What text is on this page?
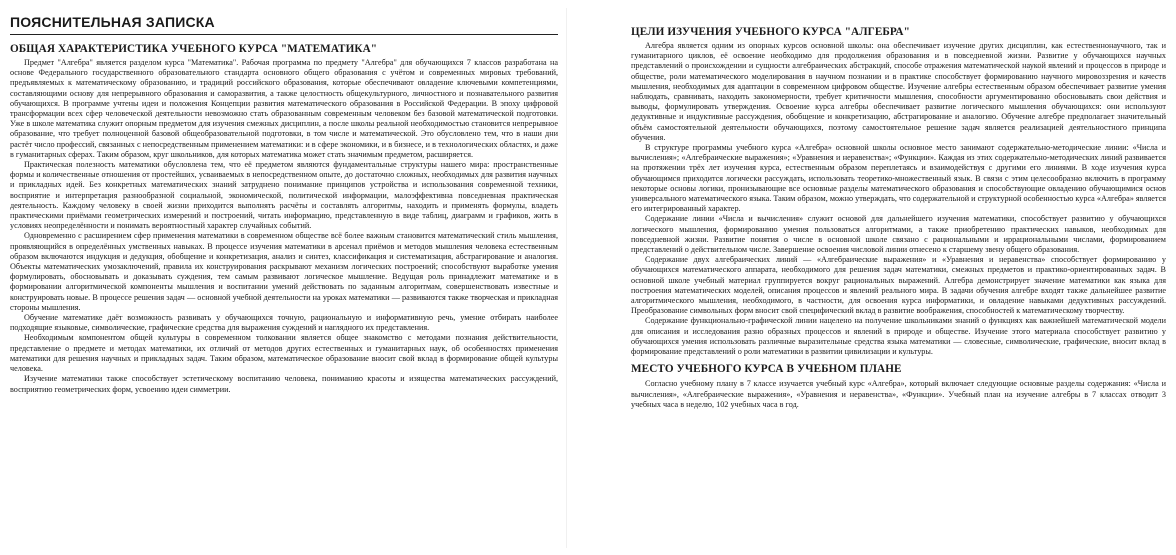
ПОЯСНИТЕЛЬНАЯ ЗАПИСКА
ОБЩАЯ ХАРАКТЕРИСТИКА УЧЕБНОГО КУРСА "МАТЕМАТИКА"

Предмет "Алгебра" является разделом курса "Математика". Рабочая программа по предмету "Алгебра" для обучающихся 7 классов разработана на основе Федерального государственного образовательного стандарта основного общего образования с учётом и современных мировых требований, предъявляемых к математическому образованию, и традиций российского образования, которые обеспечивают овладение ключевыми компетенциями, составляющими основу для непрерывного образования и саморазвития, а также целостность общекультурного, личностного и познавательного развития обучающихся. В программе учтены идеи и положения Концепции развития математического образования в Российской Федерации. В эпоху цифровой трансформации всех сфер человеческой деятельности невозможно стать образованным современным человеком без базовой математической подготовки. Уже в школе математика служит опорным предметом для изучения смежных дисциплин, а после школы реальной необходимостью становится непрерывное образование, что требует полноценной базовой общеобразовательной подготовки, в том числе и математической. Это обусловлено тем, что в наши дни растёт число профессий, связанных с непосредственным применением математики: и в сфере экономики, и в бизнесе, и в технологических областях, и даже в гуманитарных сферах. Таким образом, круг школьников, для которых математика может стать значимым предметом, расширяется.

Практическая полезность математики обусловлена тем, что её предметом являются фундаментальные структуры нашего мира: пространственные формы и количественные отношения от простейших, усваиваемых в непосредственном опыте, до достаточно сложных, необходимых для развития научных и прикладных идей. Без конкретных математических знаний затруднено понимание принципов устройства и использования современной техники, восприятие и интерпретация разнообразной социальной, экономической, политической информации, малоэффективна повседневная практическая деятельность. Каждому человеку в своей жизни приходится выполнять расчёты и составлять алгоритмы, находить и применять формулы, владеть практическими приёмами геометрических измерений и построений, читать информацию, представленную в виде таблиц, диаграмм и графиков, жить в условиях неопределённости и понимать вероятностный характер случайных событий.

Одновременно с расширением сфер применения математики в современном обществе всё более важным становится математический стиль мышления, проявляющийся в определённых умственных навыках. В процессе изучения математики в арсенал приёмов и методов мышления человека естественным образом включаются индукция и дедукция, обобщение и конкретизация, анализ и синтез, классификация и систематизация, абстрагирование и аналогия. Объекты математических умозаключений, правила их конструирования раскрывают механизм логических построений; способствуют выработке умения формулировать, обосновывать и доказывать суждения, тем самым развивают логическое мышление. Ведущая роль принадлежит математике и в формировании алгоритмической компоненты мышления и воспитании умений действовать по заданным алгоритмам, совершенствовать известные и конструировать новые. В процессе решения задач — основной учебной деятельности на уроках математики — развиваются также творческая и прикладная стороны мышления.

Обучение математике даёт возможность развивать у обучающихся точную, рациональную и информативную речь, умение отбирать наиболее подходящие языковые, символические, графические средства для выражения суждений и наглядного их представления.

Необходимым компонентом общей культуры в современном толковании является общее знакомство с методами познания действительности, представление о предмете и методах математики, их отличий от методов других естественных и гуманитарных наук, об особенностях применения математики для решения научных и прикладных задач. Таким образом, математическое образование вносит свой вклад в формирование общей культуры человека.

Изучение математики также способствует эстетическому воспитанию человека, пониманию красоты и изящества математических рассуждений, восприятию геометрических форм, усвоению идеи симметрии.

ЦЕЛИ ИЗУЧЕНИЯ УЧЕБНОГО КУРСА "АЛГЕБРА"

Алгебра является одним из опорных курсов основной школы: она обеспечивает изучение других дисциплин, как естественнонаучного, так и гуманитарного циклов, её освоение необходимо для продолжения образования и в повседневной жизни. Развитие у обучающихся научных представлений о происхождении и сущности алгебраических абстракций, способе отражения математической наукой явлений и процессов в природе и обществе, роли математического моделирования в научном познании и в практике способствует формированию научного мировоззрения и качеств мышления, необходимых для адаптации в современном цифровом обществе. Изучение алгебры естественным образом обеспечивает развитие умения наблюдать, сравнивать, находить закономерности, требует критичности мышления, способности аргументированно обосновывать свои действия и выводы, формулировать утверждения. Освоение курса алгебры обеспечивает развитие логического мышления обучающихся: они используют дедуктивные и индуктивные рассуждения, обобщение и конкретизацию, абстрагирование и аналогию. Обучение алгебре предполагает значительный объём самостоятельной деятельности обучающихся, поэтому самостоятельное решение задач является реализацией деятельностного принципа обучения.

В структуре программы учебного курса «Алгебра» основной школы основное место занимают содержательно-методические линии: «Числа и вычисления»; «Алгебраические выражения»; «Уравнения и неравенства»; «Функции». Каждая из этих содержательно-методических линий развивается на протяжении трёх лет изучения курса, естественным образом переплетаясь и взаимодействуя с другими его линиями. В ходе изучения курса обучающимся приходится логически рассуждать, использовать теоретико-множественный язык. В связи с этим целесообразно включить в программу некоторые основы логики, пронизывающие все основные разделы математического образования и способствующие овладению обучающимися основ универсального математического языка. Таким образом, можно утверждать, что содержательной и структурной особенностью курса «Алгебра» является его интегрированный характер.

Содержание линии «Числа и вычисления» служит основой для дальнейшего изучения математики, способствует развитию у обучающихся логического мышления, формированию умения пользоваться алгоритмами, а также приобретению практических навыков, необходимых для повседневной жизни. Развитие понятия о числе в основной школе связано с рациональными и иррациональными числами, формированием представлений о действительном числе. Завершение освоения числовой линии отнесено к старшему звену общего образования.

Содержание двух алгебраических линий — «Алгебраические выражения» и «Уравнения и неравенства» способствует формированию у обучающихся математического аппарата, необходимого для решения задач математики, смежных предметов и практико-ориентированных задач. В основной школе учебный материал группируется вокруг рациональных выражений. Алгебра демонстрирует значение математики как языка для построения математических моделей, описания процессов и явлений реального мира. В задачи обучения алгебре входят также дальнейшее развитие алгоритмического мышления, необходимого, в частности, для освоения курса информатики, и овладение навыками дедуктивных рассуждений. Преобразование символьных форм вносит свой специфический вклад в развитие воображения, способностей к математическому творчеству.

Содержание функционально-графической линии нацелено на получение школьниками знаний о функциях как важнейшей математической модели для описания и исследования разно образных процессов и явлений в природе и обществе. Изучение этого материала способствует развитию у обучающихся умения использовать различные выразительные средства языка математики — словесные, символические, графические, вносит вклад в формирование представлений о роли математики в развитии цивилизации и культуры.

МЕСТО УЧЕБНОГО КУРСА В УЧЕБНОМ ПЛАНЕ

Согласно учебному плану в 7 классе изучается учебный курс «Алгебра», который включает следующие основные разделы содержания: «Числа и вычисления», «Алгебраические выражения», «Уравнения и неравенства», «Функции». Учебный план на изучение алгебры в 7 классах отводит 3 учебных часа в неделю, 102 учебных часа в год.
